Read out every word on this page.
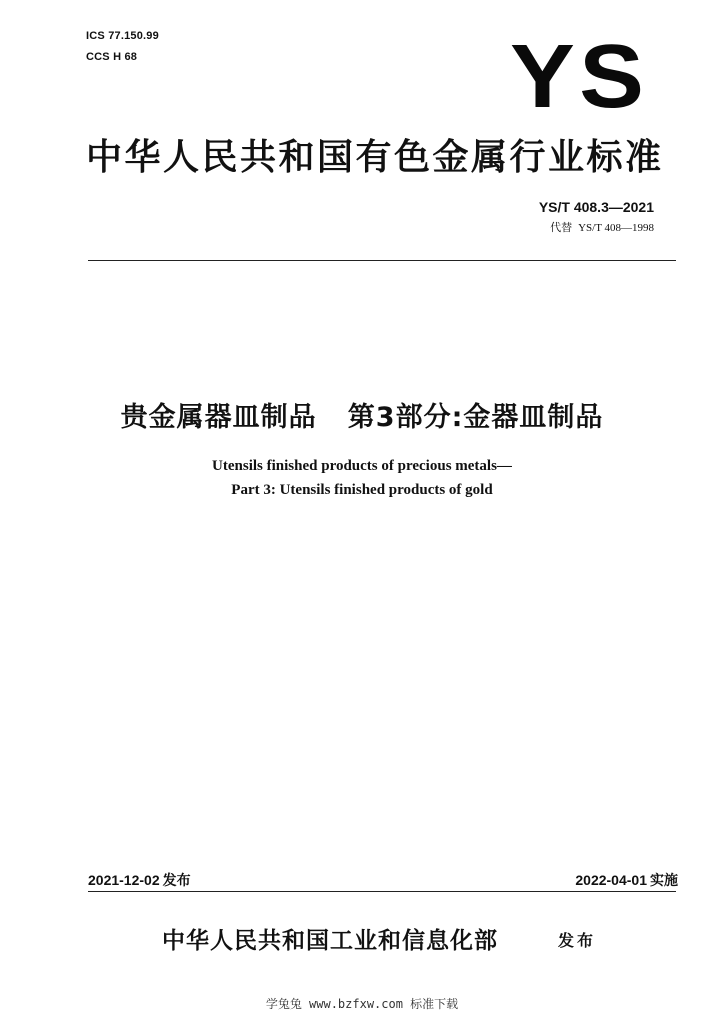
ICS 77.150.99
CCS H 68	YS
中华人民共和国有色金属行业标准
YS/T 408.3—2021
代替 YS/T 408—1998
贵金属器皿制品   第3部分:金器皿制品
Utensils finished products of precious metals—
Part 3: Utensils finished products of gold
2021-12-02 发布	2022-04-01 实施
中华人民共和国工业和信息化部	发布
学兔兔 www.bzfxw.com 标准下载
